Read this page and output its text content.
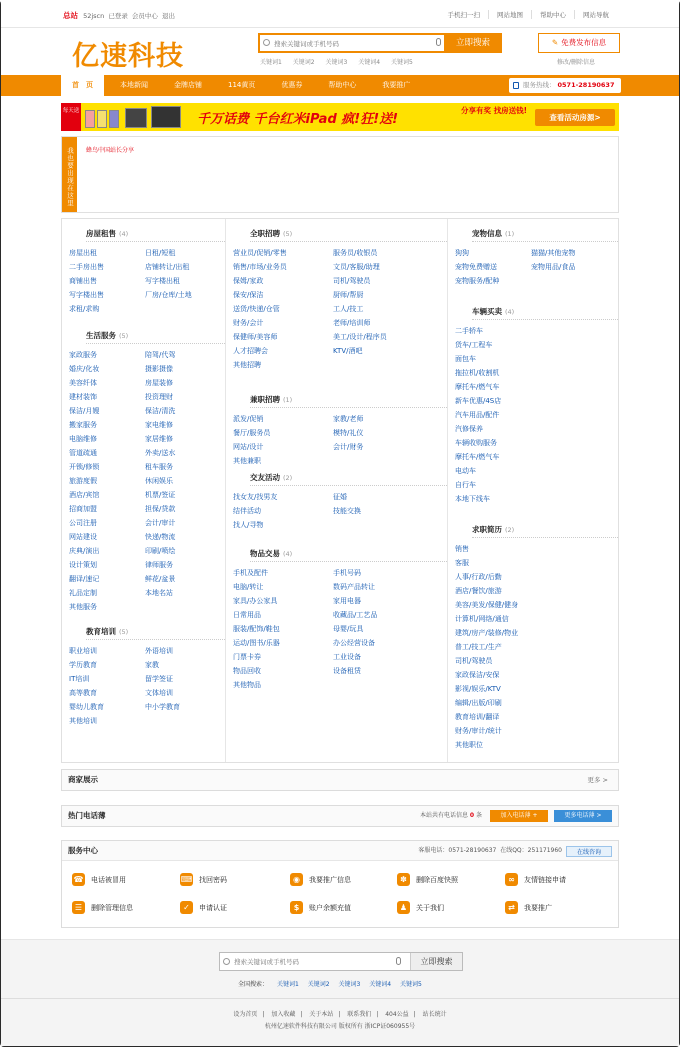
总站 52jscn 已登录 会员中心 退出	手机扫一扫	网站地图	帮助中心	网站导航
亿速科技
搜索关键词或手机号码	立即搜索
关键词1 关键词2 关键词3 关键词4 关键词5
✎ 免费发布信息
修改/删除信息
首　页	本地新闻	金牌店铺	114黄页	优惠券	帮助中心	我要推广	服务热线： 0571-28190637
每天送
千万话费 千台红米iPad 疯!狂!送!
分享有奖 找房送钱!
查看活动房源>
我也要出现在这里	蜂鸟中国站长分享
房屋租售 (4)
房屋出租	日租/短租
二手房出售	店铺转让/出租
商铺出售	写字楼出租
写字楼出售	厂房/仓库/土地
求租/求购
生活服务 (5)
家政服务	陪驾/代驾
婚庆/化妆	摄影摄像
美容纤体	房屋装修
建材装饰	投资理财
保洁/月嫂	保洁/清洗
搬家服务	家电维修
电脑维修	家居维修
管道疏通	外卖/送水
开锁/修锁	租车服务
旅游度假	休闲娱乐
酒店/宾馆	机票/签证
招商加盟	担保/贷款
公司注册	会计/审计
网站建设	快递/物流
庆典/演出	印刷/喷绘
设计策划	律师服务
翻译/速记	鲜花/盆景
礼品定制	本地名站
其他服务
教育培训 (5)
职业培训	外语培训
学历教育	家教
IT培训	留学签证
高等教育	文体培训
婴幼儿教育	中小学教育
其他培训
全职招聘 (5)
营业员/促销/零售	服务员/收银员
销售/市场/业务员	文员/客服/助理
保姆/家政	司机/驾驶员
保安/保洁	厨师/帮厨
送货/快递/仓管	工人/技工
财务/会计	老师/培训师
保健师/美容师	美工/设计/程序员
人才招聘会	KTV/酒吧
其他招聘
兼职招聘 (1)
派发/促销	家教/老师
餐厅/服务员	模特/礼仪
网站/设计	会计/财务
其他兼职
交友活动 (2)
找女友/找男友	征婚
结伴活动	技能交换
找人/寻物
物品交易 (4)
手机及配件	手机号码
电脑/转让	数码产品转让
家具/办公家具	家用电器
日常用品	收藏品/工艺品
服装/配饰/鞋包	母婴/玩具
运动/图书/乐器	办公经营设备
门票卡券	工业设备
物品回收	设备租赁
其他物品
宠物信息 (1)
狗狗	猫猫/其他宠物
宠物免费赠送	宠物用品/食品
宠物服务/配种
车辆买卖 (4)
二手轿车
货车/工程车
面包车
拖拉机/收割机
摩托车/燃气车
新车优惠/4S店
汽车用品/配件
汽修保养
车辆收购服务
摩托车/燃气车
电动车
自行车
本地下线车
求职简历 (2)
销售
客服
人事/行政/后勤
酒店/餐饮/旅游
美容/美发/保健/健身
计算机/网络/通信
建筑/房产/装修/物业
普工/技工/生产
司机/驾驶员
家政保洁/安保
影视/娱乐/KTV
编辑/出版/印刷
教育培训/翻译
财务/审计/统计
其他职位
商家展示	更多 >
热门电话薄	本站共有电话信息 0 条	加入电话薄 +	更多电话薄 >
服务中心	客服电话：0571-28190637 在线QQ：251171960	在线咨询
☎ 电话被冒用	⌨ 找回密码	◉	我要推广信息	✽	删除百度快照	∞	友情链接申请
☰	删除管理信息	✓	申请认证	$	账户余额充值	♟	关于我们	⇄	我要推广
搜索关键词或手机号码
立即搜索
全国搜索： 关键词1 关键词2 关键词3 关键词4 关键词5
设为首页 | 加入收藏 | 关于本站 | 联系我们 | 404公益 | 站长统计
杭州亿速软件科技有限公司 版权所有 浙ICP证060955号
